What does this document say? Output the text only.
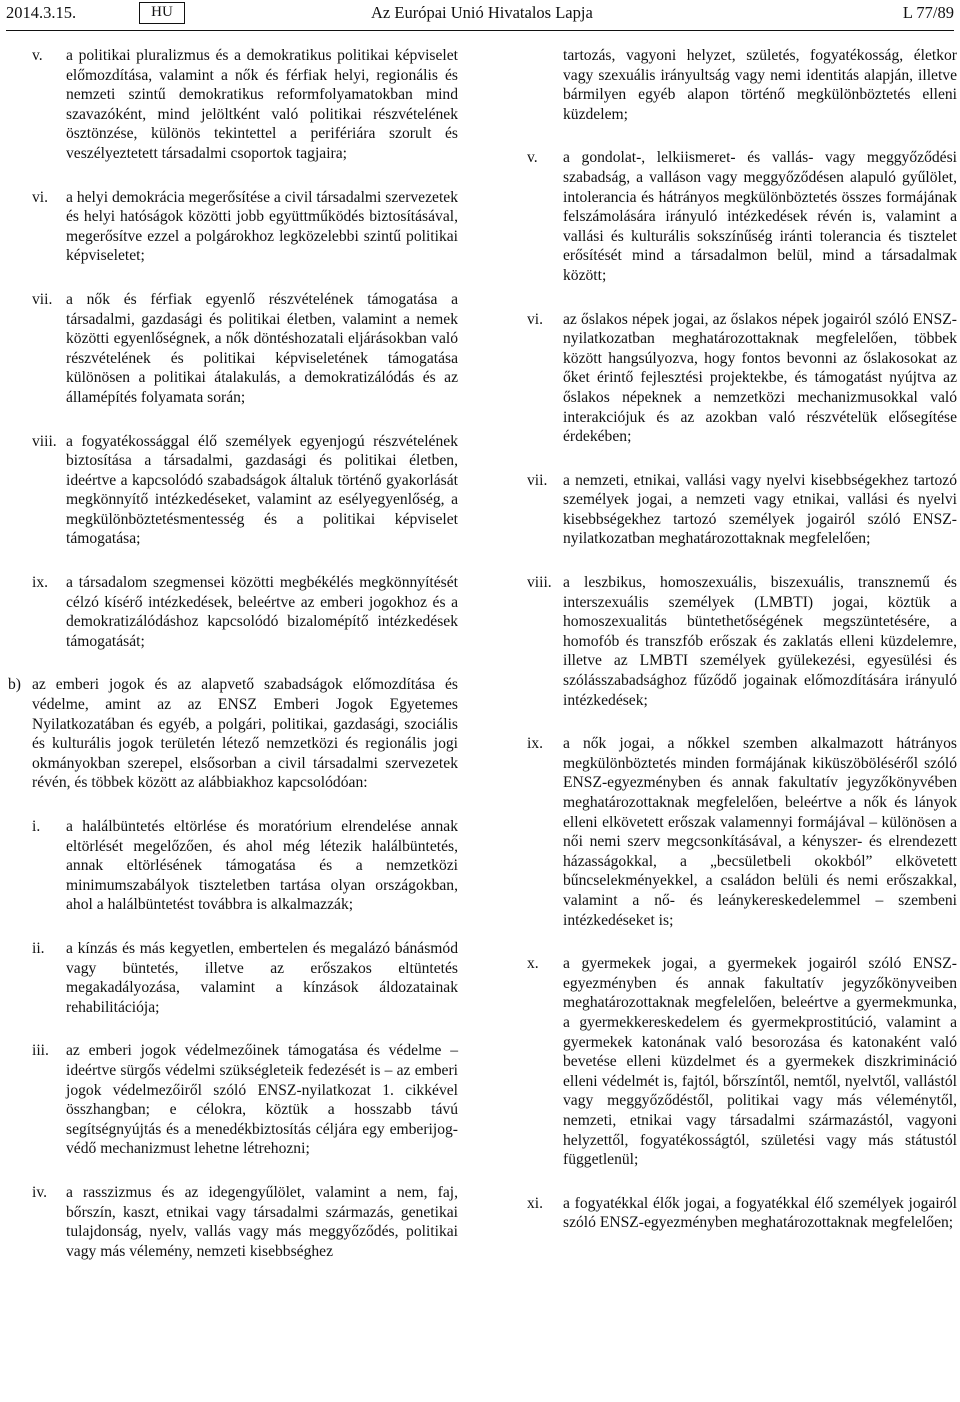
2014.3.15.	HU	Az Európai Unió Hivatalos Lapja	L 77/89
v.	a politikai pluralizmus és a demokratikus politikai képviselet előmozdítása, valamint a nők és férfiak helyi, regionális és nemzeti szintű demokratikus reformfolyamatokban mind szavazóként, mind jelöltként való politikai részvételének ösztönzése, különös tekintettel a perifériára szorult és veszélyeztetett társadalmi csoportok tagjaira;
vi.	a helyi demokrácia megerősítése a civil társadalmi szervezetek és helyi hatóságok közötti jobb együttműködés biztosításával, megerősítve ezzel a polgárokhoz legközelebbi szintű politikai képviseletet;
vii. a nők és férfiak egyenlő részvételének támogatása a társadalmi, gazdasági és politikai életben, valamint a nemek közötti egyenlőségnek, a nők döntéshozatali eljárásokban való részvételének és politikai képviseletének támogatása különösen a politikai átalakulás, a demokratizálódás és az államépítés folyamata során;
viii. a fogyatékossággal élő személyek egyenjogú részvételének biztosítása a társadalmi, gazdasági és politikai életben, ideértve a kapcsolódó szabadságok általuk történő gyakorlását megkönnyítő intézkedéseket, valamint az esélyegyenlőség, a megkülönböztetésmentesség és a politikai képviselet támogatása;
ix.	a társadalom szegmensei közötti megbékélés megkönnyítését célzó kísérő intézkedések, beleértve az emberi jogokhoz és a demokratizálódáshoz kapcsolódó bizalomépítő intézkedések támogatását;
b) az emberi jogok és az alapvető szabadságok előmozdítása és védelme, amint az az ENSZ Emberi Jogok Egyetemes Nyilatkozatában és egyéb, a polgári, politikai, gazdasági, szociális és kulturális jogok területén létező nemzetközi és regionális jogi okmányokban szerepel, elsősorban a civil társadalmi szervezetek révén, és többek között az alábbiakhoz kapcsolódóan:
i.	a halálbüntetés eltörlése és moratórium elrendelése annak eltörlését megelőzően, és ahol még létezik halálbüntetés, annak eltörlésének támogatása és a nemzetközi minimumszabályok tiszteletben tartása olyan országokban, ahol a halálbüntetést továbbra is alkalmazzák;
ii.	a kínzás és más kegyetlen, embertelen és megalázó bánásmód vagy büntetés, illetve az erőszakos eltüntetés megakadályozása, valamint a kínzások áldozatainak rehabilitációja;
iii.	az emberi jogok védelmezőinek támogatása és védelme – ideértve sürgős védelmi szükségleteik fedezését is – az emberi jogok védelmezőiről szóló ENSZ-nyilatkozat 1. cikkével összhangban; e célokra, köztük a hosszabb távú segítségnyújtás és a menedékbiztosítás céljára egy emberijog-védő mechanizmust lehetne létrehozni;
iv.	a rasszizmus és az idegengyűlölet, valamint a nem, faj, bőrszín, kaszt, etnikai vagy társadalmi származás, genetikai tulajdonság, nyelv, vallás vagy más meggyőződés, politikai vagy más vélemény, nemzeti kisebbséghez
tartozás, vagyoni helyzet, születés, fogyatékosság, életkor vagy szexuális irányultság vagy nemi identitás alapján, illetve bármilyen egyéb alapon történő megkülönböztetés elleni küzdelem;
v.	a gondolat-, lelkiismeret- és vallás- vagy meggyőződési szabadság, a valláson vagy meggyőződésen alapuló gyűlölet, intolerancia és hátrányos megkülönböztetés összes formájának felszámolására irányuló intézkedések révén is, valamint a vallási és kulturális sokszínűség iránti tolerancia és tisztelet erősítését mind a társadalmon belül, mind a társadalmak között;
vi.	az őslakos népek jogai, az őslakos népek jogairól szóló ENSZ-nyilatkozatban meghatározottaknak megfelelően, többek között hangsúlyozva, hogy fontos bevonni az őslakosokat az őket érintő fejlesztési projektekbe, és támogatást nyújtva az őslakos népeknek a nemzetközi mechanizmusokkal való interakciójuk és az azokban való részvételük elősegítése érdekében;
vii.	a nemzeti, etnikai, vallási vagy nyelvi kisebbségekhez tartozó személyek jogai, a nemzeti vagy etnikai, vallási és nyelvi kisebbségekhez tartozó személyek jogairól szóló ENSZ-nyilatkozatban meghatározottaknak megfelelően;
viii. a leszbikus, homoszexuális, biszexuális, transznemű és interszexuális személyek (LMBTI) jogai, köztük a homoszexualitás büntethetőségének megszüntetésére, a homofób és transzfób erőszak és zaklatás elleni küzdelemre, illetve az LMBTI személyek gyülekezési, egyesülési és szólásszabadsághoz fűződő jogainak előmozdítására irányuló intézkedések;
ix.	a nők jogai, a nőkkel szemben alkalmazott hátrányos megkülönböztetés minden formájának kiküszöböléséről szóló ENSZ-egyezményben és annak fakultatív jegyzőkönyvében meghatározottaknak megfelelően, beleértve a nők és lányok elleni elkövetett erőszak valamennyi formájával – különösen a női nemi szerv megcsonkításával, a kényszer- és elrendezett házasságokkal, a „becsületbeli okokból” elkövetett bűncselekményekkel, a családon belüli és nemi erőszakkal, valamint a nő- és leánykereskedelemmel – szembeni intézkedéseket is;
x.	a gyermekek jogai, a gyermekek jogairól szóló ENSZ-egyezményben és annak fakultatív jegyzőkönyveiben meghatározottaknak megfelelően, beleértve a gyermekmunka, a gyermekkereskedelem és gyermekprostitúció, valamint a gyermekek katonának való besorozása és katonaként való bevetése elleni küzdelmet és a gyermekek diszkrimináció elleni védelmét is, fajtól, bőrszíntől, nemtől, nyelvtől, vallástól vagy meggyőződéstől, politikai vagy más véleménytől, nemzeti, etnikai vagy társadalmi származástól, vagyoni helyzettől, fogyatékosságtól, születési vagy más státustól függetlenül;
xi.	a fogyatékkal élők jogai, a fogyatékkal élő személyek jogairól szóló ENSZ-egyezményben meghatározottaknak megfelelően;
